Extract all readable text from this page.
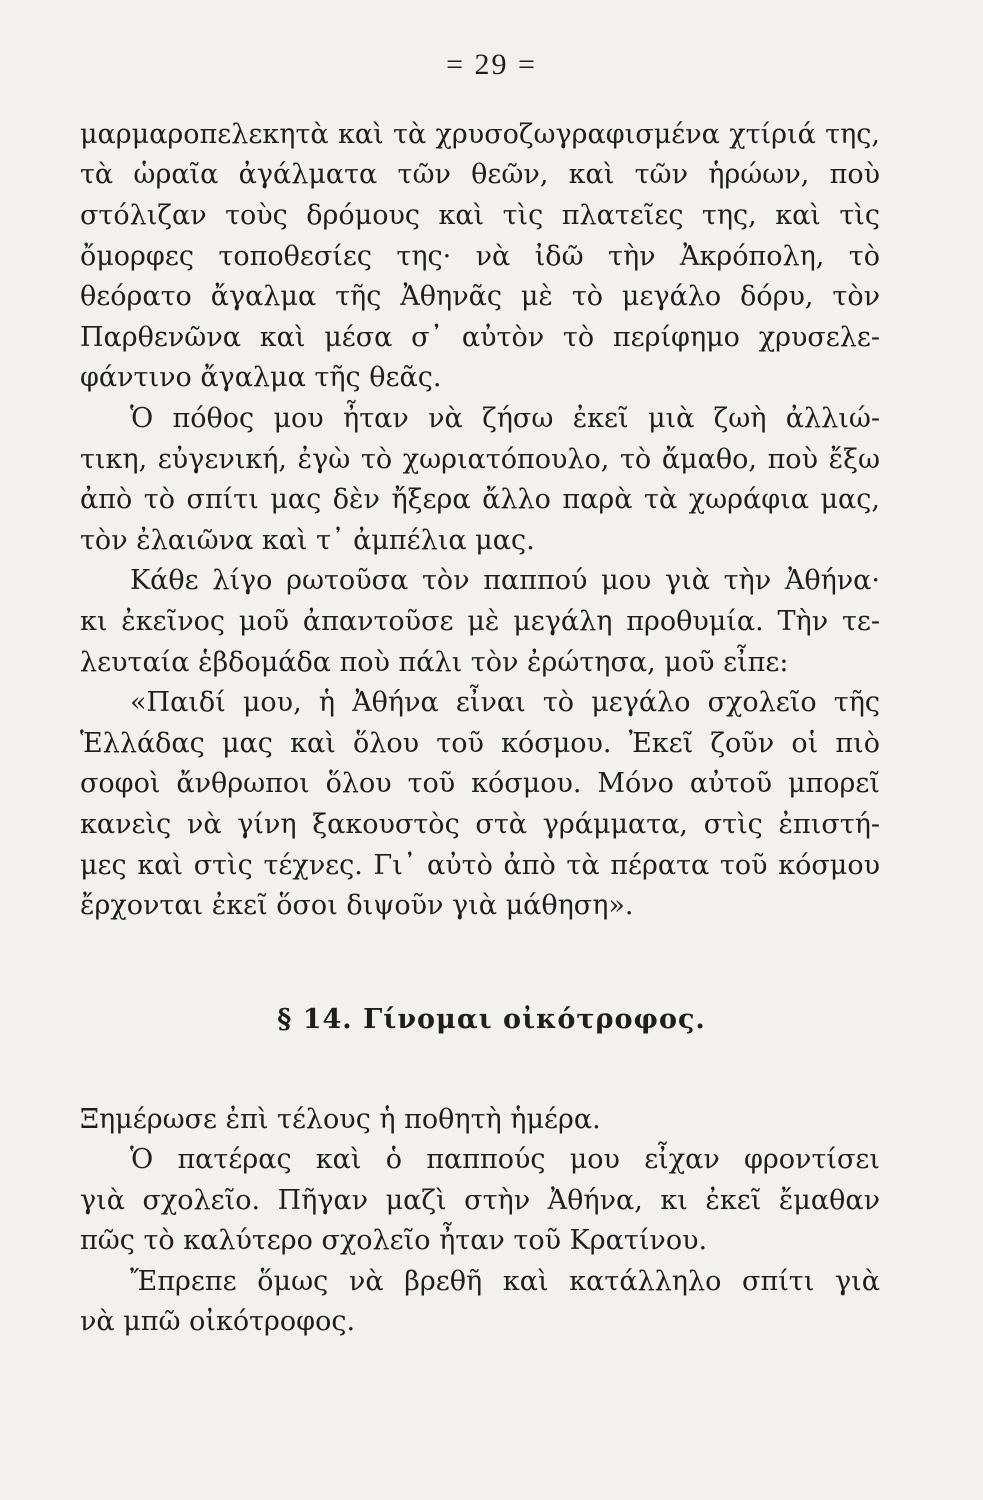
= 29 =
μαρμαροπελεκητὰ καὶ τὰ χρυσοζωγραφισμένα χτίριά της,
τὰ ὡραῖα ἀγάλματα τῶν θεῶν, καὶ τῶν ἡρώων, ποὺ
στόλιζαν τοὺς δρόμους καὶ τὶς πλατεῖες της, καὶ τὶς
ὄμορφες τοποθεσίες της· νὰ ἰδῶ τὴν Ἀκρόπολη, τὸ
θεόρατο ἄγαλμα τῆς Ἀθηνᾶς μὲ τὸ μεγάλο δόρυ, τὸν
Παρθενῶνα καὶ μέσα σ᾽ αὐτὸν τὸ περίφημο χρυσελε-
φάντινο ἄγαλμα τῆς θεᾶς.
Ὁ πόθος μου ἦταν νὰ ζήσω ἐκεῖ μιὰ ζωὴ ἀλλιώ-
τικη, εὐγενική, ἐγὼ τὸ χωριατόπουλο, τὸ ἄμαθο, ποὺ ἔξω
ἀπὸ τὸ σπίτι μας δὲν ἤξερα ἄλλο παρὰ τὰ χωράφια μας,
τὸν ἐλαιῶνα καὶ τ᾽ ἀμπέλια μας.
Κάθε λίγο ρωτοῦσα τὸν παππού μου γιὰ τὴν Ἀθήνα·
κι ἐκεῖνος μοῦ ἀπαντοῦσε μὲ μεγάλη προθυμία. Τὴν τε-
λευταία ἑβδομάδα ποὺ πάλι τὸν ἐρώτησα, μοῦ εἶπε:
«Παιδί μου, ἡ Ἀθήνα εἶναι τὸ μεγάλο σχολεῖο τῆς
Ἑλλάδας μας καὶ ὅλου τοῦ κόσμου. Ἐκεῖ ζοῦν οἱ πιὸ
σοφοὶ ἄνθρωποι ὅλου τοῦ κόσμου. Μόνο αὐτοῦ μπορεῖ
κανεὶς νὰ γίνη ξακουστὸς στὰ γράμματα, στὶς ἐπιστή-
μες καὶ στὶς τέχνες. Γι᾽ αὐτὸ ἀπὸ τὰ πέρατα τοῦ κόσμου
ἔρχονται ἐκεῖ ὅσοι διψοῦν γιὰ μάθηση».
§ 14. Γίνομαι οἰκότροφος.
Ξημέρωσε ἐπὶ τέλους ἡ ποθητὴ ἡμέρα.
Ὁ πατέρας καὶ ὁ παππούς μου εἶχαν φροντίσει
γιὰ σχολεῖο. Πῆγαν μαζὶ στὴν Ἀθήνα, κι ἐκεῖ ἔμαθαν
πῶς τὸ καλύτερο σχολεῖο ἦταν τοῦ Κρατίνου.
Ἔπρεπε ὅμως νὰ βρεθῆ καὶ κατάλληλο σπίτι γιὰ
νὰ μπῶ οἰκότροφος.
